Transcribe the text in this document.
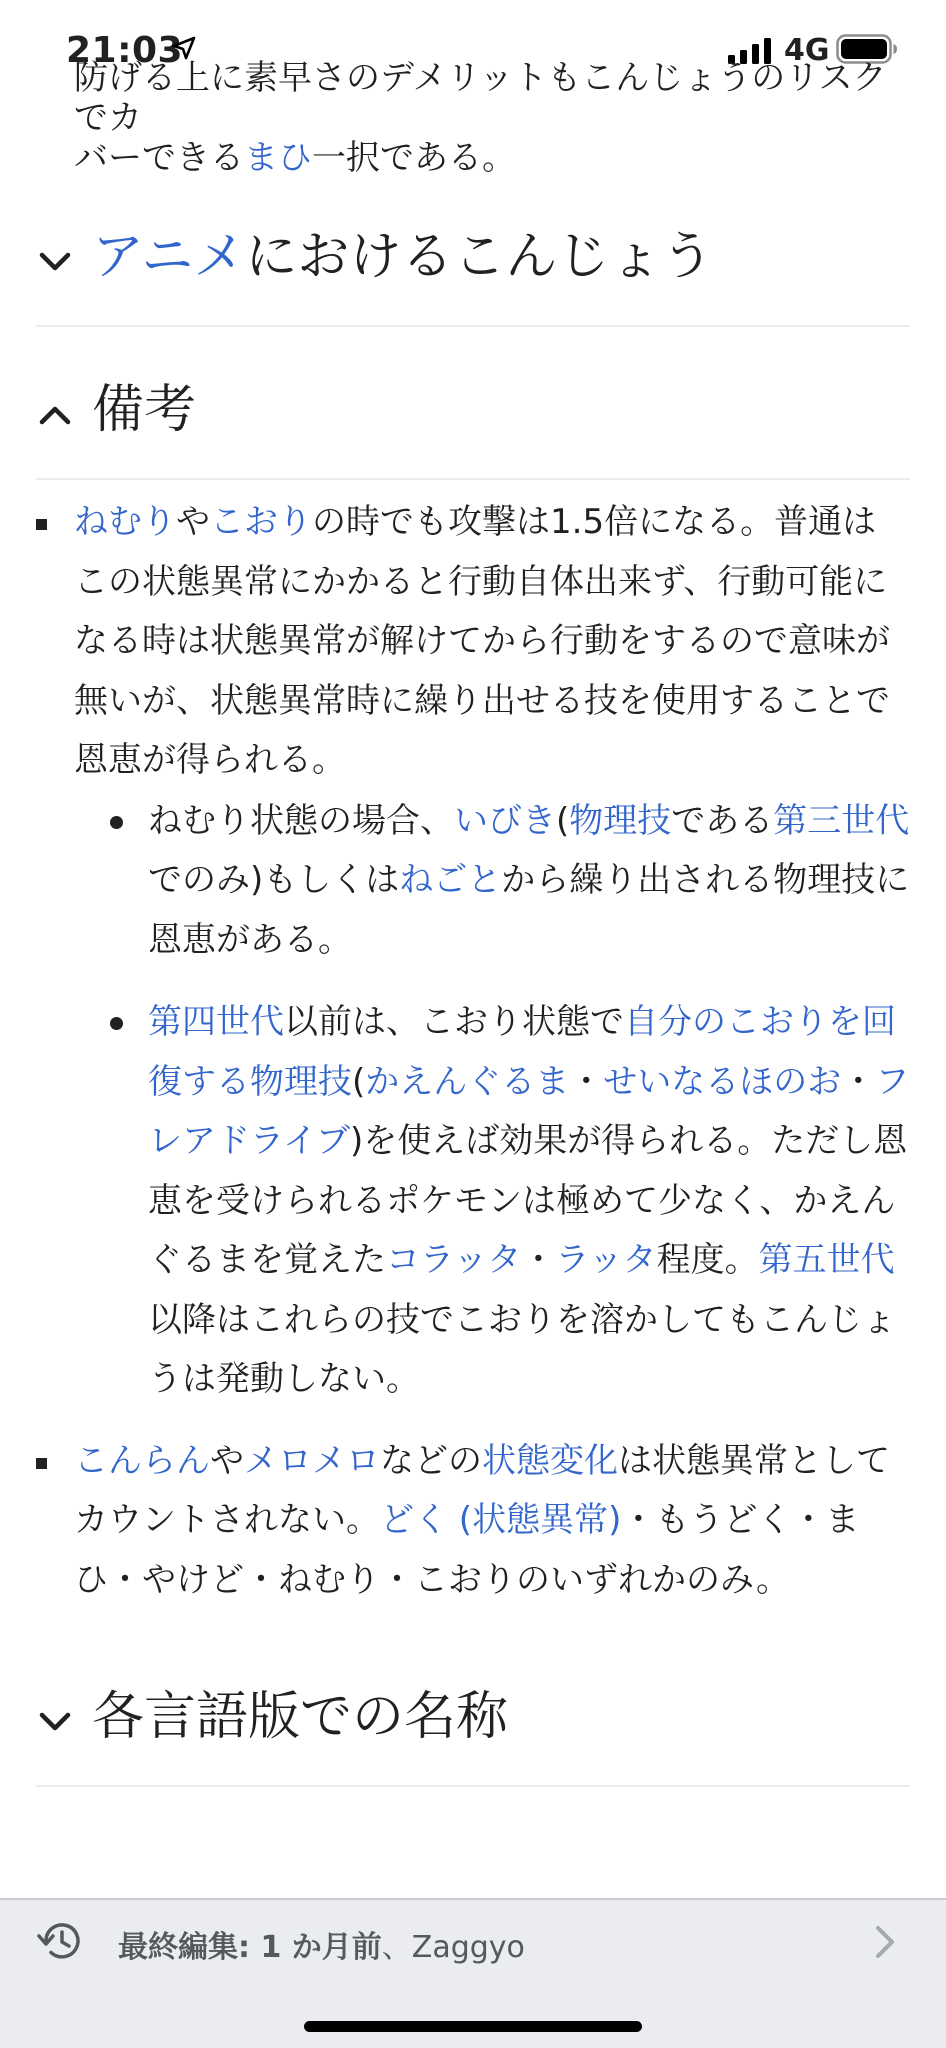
21:03	4G
防げる上に素早さのデメリットもこんじょうのリスクでカ
バーできるまひ一択である。
アニメにおけるこんじょう
備考
ねむりやこおりの時でも攻撃は1.5倍になる。普通はこの状態異常にかかると行動自体出来ず、行動可能になる時は状態異常が解けてから行動をするので意味が無いが、状態異常時に繰り出せる技を使用することで恩恵が得られる。
ねむり状態の場合、いびき(物理技である第三世代でのみ)もしくはねごとから繰り出される物理技に恩恵がある。
第四世代以前は、こおり状態で自分のこおりを回復する物理技(かえんぐるま・せいなるほのお・フレアドライブ)を使えば効果が得られる。ただし恩恵を受けられるポケモンは極めて少なく、かえんぐるまを覚えたコラッタ・ラッタ程度。第五世代以降はこれらの技でこおりを溶かしてもこんじょうは発動しない。
こんらんやメロメロなどの状態変化は状態異常としてカウントされない。どく (状態異常)・もうどく・まひ・やけど・ねむり・こおりのいずれかのみ。
各言語版での名称
最終編集: 1 か月前、Zaggyo
